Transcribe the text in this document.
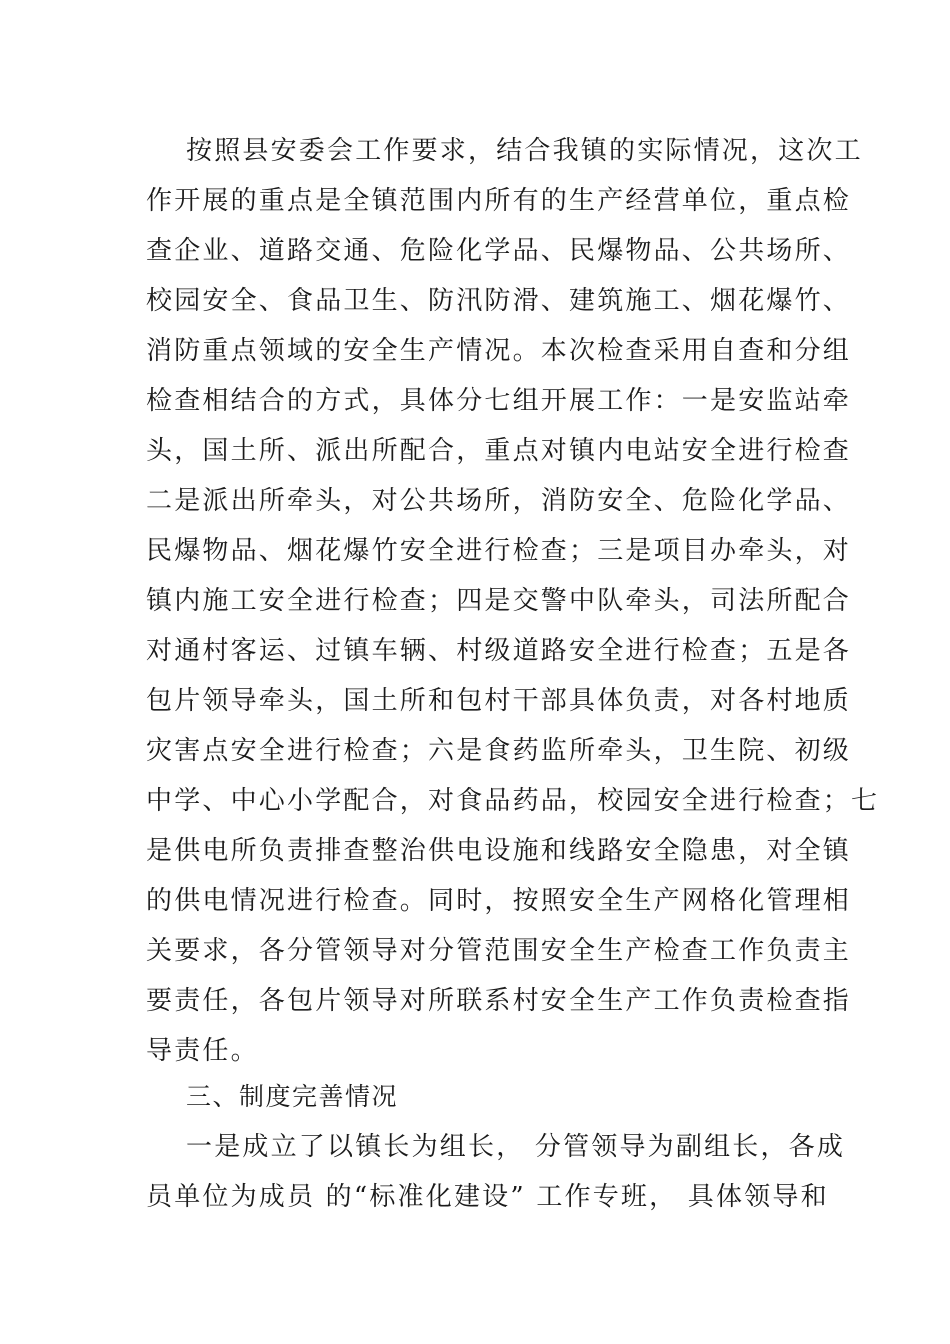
按照县安委会工作要求，结合我镇的实际情况，这次工
作开展的重点是全镇范围内所有的生产经营单位，重点检
查企业、道路交通、危险化学品、民爆物品、公共场所、
校园安全、食品卫生、防汛防滑、建筑施工、烟花爆竹、
消防重点领域的安全生产情况。本次检查采用自查和分组
检查相结合的方式，具体分七组开展工作：一是安监站牵
头，国土所、派出所配合，重点对镇内电站安全进行检查
二是派出所牵头，对公共场所，消防安全、危险化学品、
民爆物品、烟花爆竹安全进行检查；三是项目办牵头，对
镇内施工安全进行检查；四是交警中队牵头，司法所配合
对通村客运、过镇车辆、村级道路安全进行检查；五是各
包片领导牵头，国土所和包村干部具体负责，对各村地质
灾害点安全进行检查；六是食药监所牵头，卫生院、初级
中学、中心小学配合，对食品药品，校园安全进行检查；七
是供电所负责排查整治供电设施和线路安全隐患，对全镇
的供电情况进行检查。同时，按照安全生产网格化管理相
关要求，各分管领导对分管范围安全生产检查工作负责主
要责任，各包片领导对所联系村安全生产工作负责检查指
导责任。
三、制度完善情况
一是成立了以镇长为组长， 分管领导为副组长，各成
员单位为成员 的“标准化建设” 工作专班， 具体领导和
